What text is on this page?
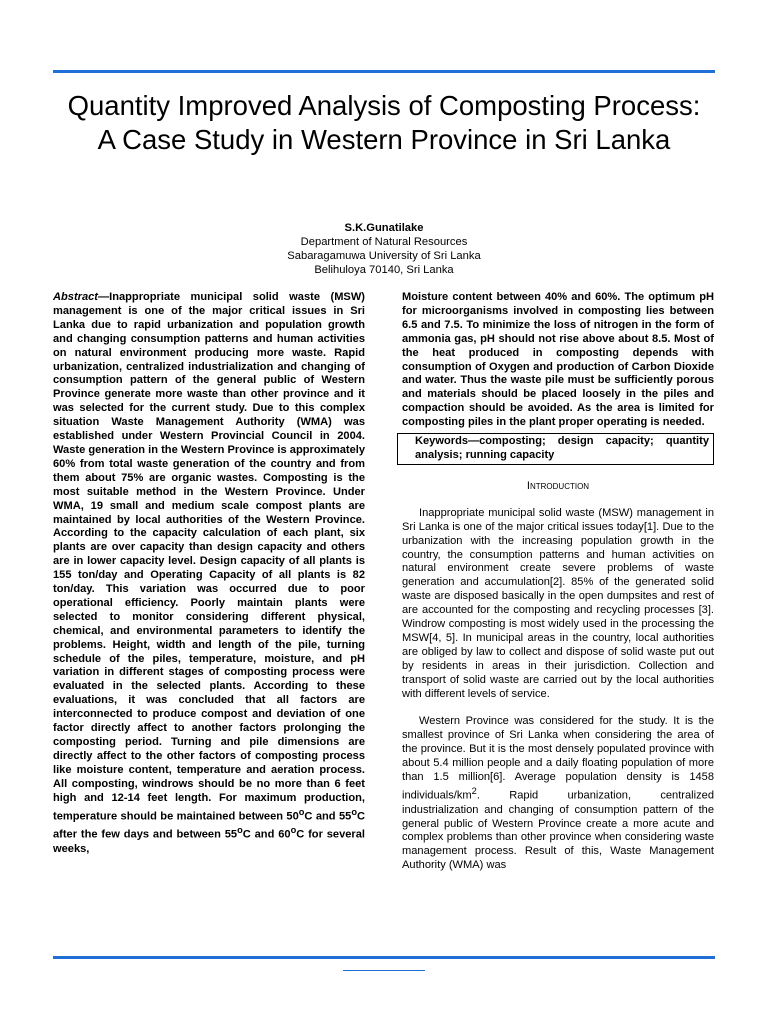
Quantity Improved Analysis of Composting Process: A Case Study in Western Province in Sri Lanka
S.K.Gunatilake
Department of Natural Resources
Sabaragamuwa University of Sri Lanka
Belihuloya 70140, Sri Lanka

Abstract—Inappropriate municipal solid waste (MSW) management is one of the major critical issues in Sri Lanka due to rapid urbanization and population growth and changing consumption patterns and human activities on natural environment producing more waste. Rapid urbanization, centralized industrialization and changing of consumption pattern of the general public of Western Province generate more waste than other province and it was selected for the current study. Due to this complex situation Waste Management Authority (WMA) was established under Western Provincial Council in 2004. Waste generation in the Western Province is approximately 60% from total waste generation of the country and from them about 75% are organic wastes. Composting is the most suitable method in the Western Province. Under WMA, 19 small and medium scale compost plants are maintained by local authorities of the Western Province. According to the capacity calculation of each plant, six plants are over capacity than design capacity and others are in lower capacity level. Design capacity of all plants is 155 ton/day and Operating Capacity of all plants is 82 ton/day. This variation was occurred due to poor operational efficiency. Poorly maintain plants were selected to monitor considering different physical, chemical, and environmental parameters to identify the problems. Height, width and length of the pile, turning schedule of the piles, temperature, moisture, and pH variation in different stages of composting process were evaluated in the selected plants. According to these evaluations, it was concluded that all factors are interconnected to produce compost and deviation of one factor directly affect to another factors prolonging the composting period. Turning and pile dimensions are directly affect to the other factors of composting process like moisture content, temperature and aeration process. All composting, windrows should be no more than 6 feet high and 12-14 feet length. For maximum production, temperature should be maintained between 50$^o$C and 55$^o$C after the few days and between 55$^o$C and 60$^o$C for several weeks,

Moisture content between 40% and 60%. The optimum pH for microorganisms involved in composting lies between 6.5 and 7.5. To minimize the loss of nitrogen in the form of ammonia gas, pH should not rise above about 8.5. Most of the heat produced in composting depends with consumption of Oxygen and production of Carbon Dioxide and water. Thus the waste pile must be sufficiently porous and materials should be placed loosely in the piles and compaction should be avoided. As the area is limited for composting piles in the plant proper operating is needed.

Keywords—composting; design capacity; quantity analysis; running capacity
Introduction

Inappropriate municipal solid waste (MSW) management in Sri Lanka is one of the major critical issues today[1]. Due to the urbanization with the increasing population growth in the country, the consumption patterns and human activities on natural environment create severe problems of waste generation and accumulation[2]. 85% of the generated solid waste are disposed basically in the open dumpsites and rest of are accounted for the composting and recycling processes [3]. Windrow composting is most widely used in the processing the MSW[4, 5]. In municipal areas in the country, local authorities are obliged by law to collect and dispose of solid waste put out by residents in areas in their jurisdiction. Collection and transport of solid waste are carried out by the local authorities with different levels of service.

Western Province was considered for the study. It is the smallest province of Sri Lanka when considering the area of the province. But it is the most densely populated province with about 5.4 million people and a daily floating population of more than 1.5 million[6]. Average population density is 1458 individuals/$km^2$. Rapid urbanization, centralized industrialization and changing of consumption pattern of the general public of Western Province create a more acute and complex problems than other province when considering waste management process. Result of this, Waste Management Authority (WMA) was
